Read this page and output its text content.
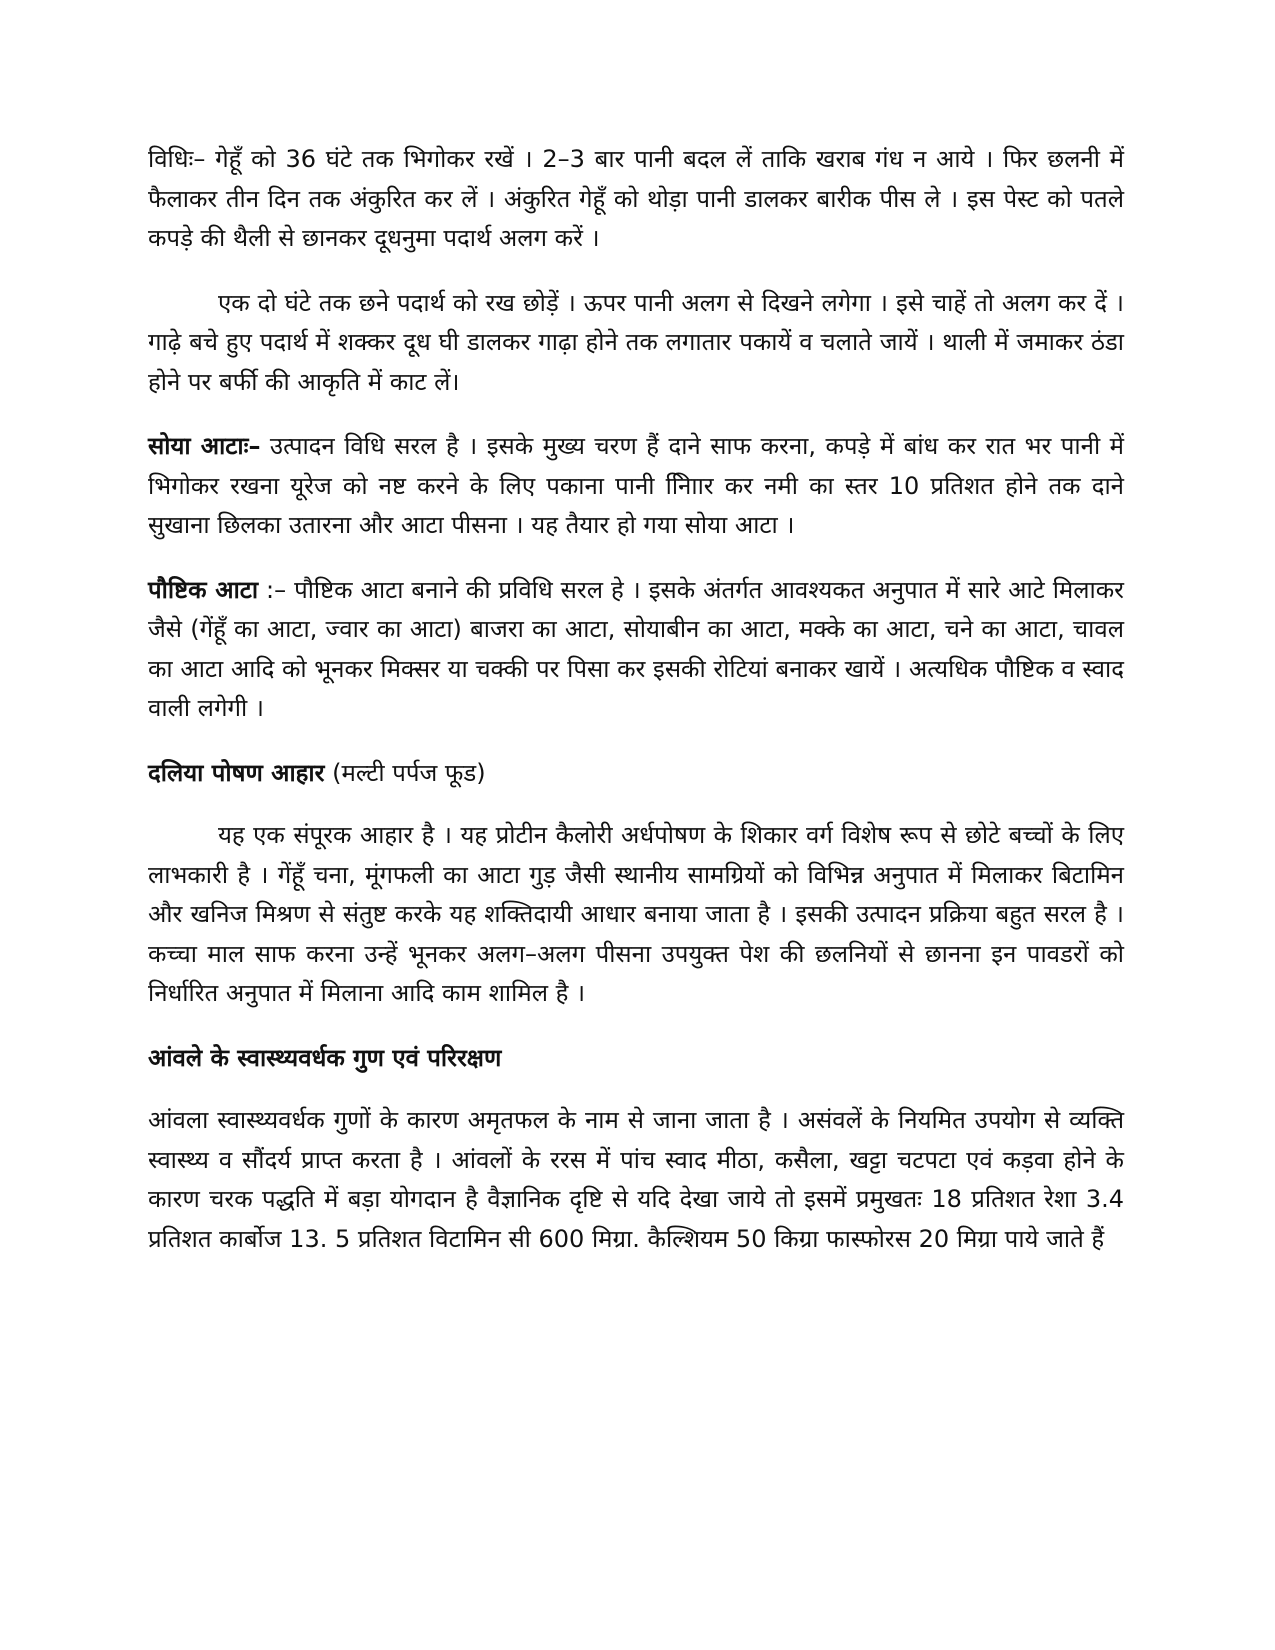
विधिः– गेहूँ को 36 घंटे तक भिगोकर रखें । 2–3 बार पानी बदल लें ताकि खराब गंध न आये । फिर छलनी में फैलाकर तीन दिन तक अंकुरित कर लें । अंकुरित गेहूँ को थोड़ा पानी डालकर बारीक पीस ले । इस पेस्ट को पतले कपड़े की थैली से छानकर दूधनुमा पदार्थ अलग करें ।

एक दो घंटे तक छने पदार्थ को रख छोड़ें । ऊपर पानी अलग से दिखने लगेगा । इसे चाहें तो अलग कर दें । गाढ़े बचे हुए पदार्थ में शक्कर दूध घी डालकर गाढ़ा होने तक लगातार पकायें व चलाते जायें । थाली में जमाकर ठंडा होने पर बर्फी की आकृति में काट लें।

सोया आटाः– उत्पादन विधि सरल है । इसके मुख्य चरण हैं दाने साफ करना, कपड़े में बांध कर रात भर पानी में भिगोकर रखना यूरेज को नष्ट करने के लिए पकाना पानी निाािर कर नमी का स्तर 10 प्रतिशत होने तक दाने सुखाना छिलका उतारना और आटा पीसना । यह तैयार हो गया सोया आटा ।

पौष्टिक आटा :– पौष्टिक आटा बनाने की प्रविधि सरल हे । इसके अंतर्गत आवश्यकत अनुपात में सारे आटे मिलाकर जैसे (गेंहूँ का आटा, ज्वार का आटा) बाजरा का आटा, सोयाबीन का आटा, मक्के का आटा, चने का आटा, चावल का आटा आदि को भूनकर मिक्सर या चक्की पर पिसा कर इसकी रोटियां बनाकर खायें । अत्यधिक पौष्टिक व स्वाद वाली लगेगी ।

दलिया पोषण आहार (मल्टी पर्पज फूड)

यह एक संपूरक आहार है । यह प्रोटीन कैलोरी अर्धपोषण के शिकार वर्ग विशेष रूप से छोटे बच्चों के लिए लाभकारी है । गेंहूँ चना, मूंगफली का आटा गुड़ जैसी स्थानीय सामग्रियों को विभिन्न अनुपात में मिलाकर बिटामिन और खनिज मिश्रण से संतुष्ट करके यह शक्तिदायी आधार बनाया जाता है । इसकी उत्पादन प्रक्रिया बहुत सरल है । कच्चा माल साफ करना उन्हें भूनकर अलग–अलग पीसना उपयुक्त पेश की छलनियों से छानना इन पावडरों को निर्धारित अनुपात में मिलाना आदि काम शामिल है ।

आंवले के स्वास्थ्यवर्धक गुण एवं परिरक्षण

आंवला स्वास्थ्यवर्धक गुणों के कारण अमृतफल के नाम से जाना जाता है । असंवलें के नियमित उपयोग से व्यक्ति स्वास्थ्य व सौंदर्य प्राप्त करता है । आंवलों के ररस में पांच स्वाद मीठा, कसैला, खट्टा चटपटा एवं कड़वा होने के कारण चरक पद्धति में बड़ा योगदान है वैज्ञानिक दृष्टि से यदि देखा जाये तो इसमें प्रमुखतः 18 प्रतिशत रेशा 3.4 प्रतिशत कार्बोज 13. 5 प्रतिशत विटामिन सी 600 मिग्रा. कैल्शियम 50 किग्रा फास्फोरस 20 मिग्रा पाये जाते हैं
